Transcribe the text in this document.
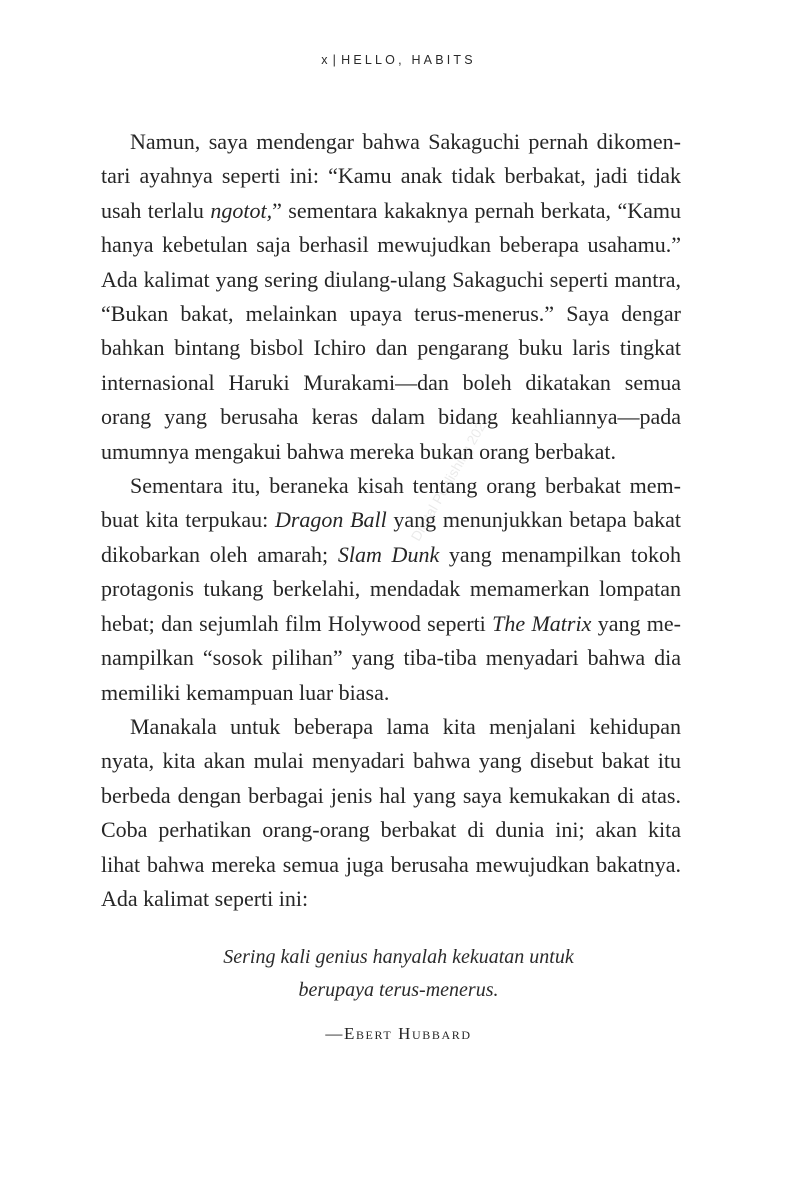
x | HELLO, HABITS

Namun, saya mendengar bahwa Sakaguchi pernah dikomentari ayahnya seperti ini: “Kamu anak tidak berbakat, jadi tidak usah terlalu ngotot,” sementara kakaknya pernah berkata, “Kamu hanya kebetulan saja berhasil mewujudkan beberapa usahamu.” Ada kalimat yang sering diulang-ulang Sakaguchi seperti mantra, “Bukan bakat, melainkan upaya terus-menerus.” Saya dengar bahkan bintang bisbol Ichiro dan pengarang buku laris tingkat internasional Haruki Murakami—dan boleh dikatakan semua orang yang berusaha keras dalam bidang keahliannya—pada umumnya mengakui bahwa mereka bukan orang berbakat.

Sementara itu, beraneka kisah tentang orang berbakat membuat kita terpukau: Dragon Ball yang menunjukkan betapa bakat dikobarkan oleh amarah; Slam Dunk yang menampilkan tokoh protagonis tukang berkelahi, mendadak memamerkan lompatan hebat; dan sejumlah film Holywood seperti The Matrix yang menampilkan “sosok pilihan” yang tiba-tiba menyadari bahwa dia memiliki kemampuan luar biasa.

Manakala untuk beberapa lama kita menjalani kehidupan nyata, kita akan mulai menyadari bahwa yang disebut bakat itu berbeda dengan berbagai jenis hal yang saya kemukakan di atas. Coba perhatikan orang-orang berbakat di dunia ini; akan kita lihat bahwa mereka semua juga berusaha mewujudkan bakatnya. Ada kalimat seperti ini:

Sering kali genius hanyalah kekuatan untuk
berupaya terus-menerus.
—Ebert Hubbard
Digital Publishing 2023
